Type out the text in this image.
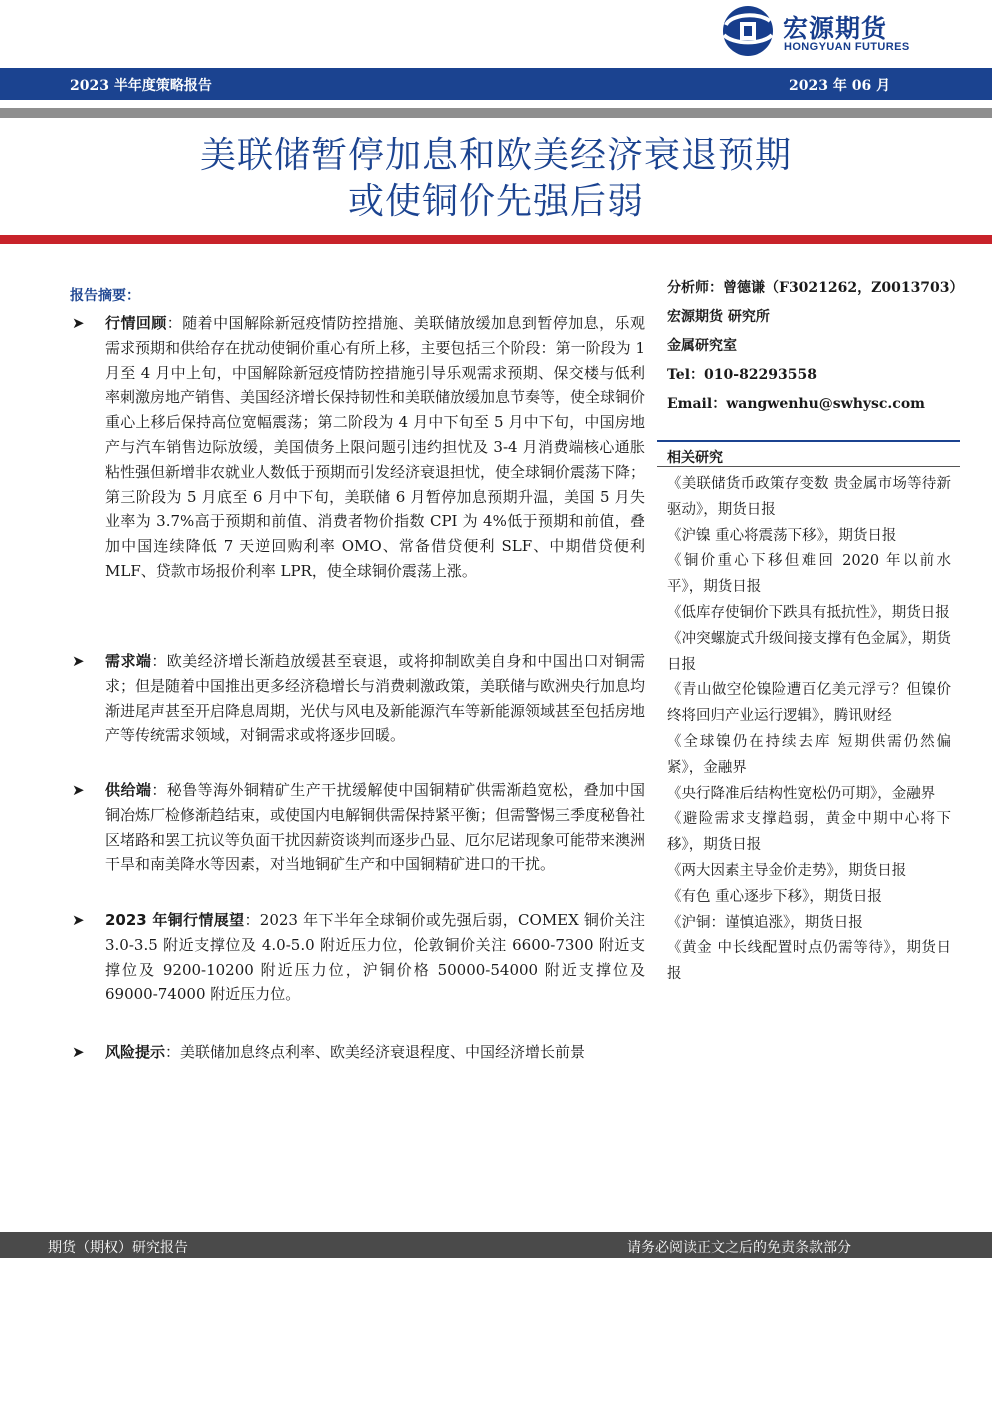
宏源期货
HONGYUAN FUTURES
2023 半年度策略报告	2023 年 06 月
美联储暂停加息和欧美经济衰退预期
或使铜价先强后弱
报告摘要：
➤ 行情回顾：随着中国解除新冠疫情防控措施、美联储放缓加息到暂停加息，乐观需求预期和供给存在扰动使铜价重心有所上移，主要包括三个阶段：第一阶段为 1 月至 4 月中上旬，中国解除新冠疫情防控措施引导乐观需求预期、保交楼与低利率刺激房地产销售、美国经济增长保持韧性和美联储放缓加息节奏等，使全球铜价重心上移后保持高位宽幅震荡；第二阶段为 4 月中下旬至 5 月中下旬，中国房地产与汽车销售边际放缓，美国债务上限问题引违约担忧及 3-4 月消费端核心通胀粘性强但新增非农就业人数低于预期而引发经济衰退担忧，使全球铜价震荡下降；第三阶段为 5 月底至 6 月中下旬，美联储 6 月暂停加息预期升温，美国 5 月失业率为 3.7%高于预期和前值、消费者物价指数 CPI 为 4%低于预期和前值，叠加中国连续降低 7 天逆回购利率 OMO、常备借贷便利 SLF、中期借贷便利 MLF、贷款市场报价利率 LPR，使全球铜价震荡上涨。
➤ 需求端：欧美经济增长渐趋放缓甚至衰退，或将抑制欧美自身和中国出口对铜需求；但是随着中国推出更多经济稳增长与消费刺激政策，美联储与欧洲央行加息均渐进尾声甚至开启降息周期，光伏与风电及新能源汽车等新能源领域甚至包括房地产等传统需求领域，对铜需求或将逐步回暖。
➤ 供给端：秘鲁等海外铜精矿生产干扰缓解使中国铜精矿供需渐趋宽松，叠加中国铜冶炼厂检修渐趋结束，或使国内电解铜供需保持紧平衡；但需警惕三季度秘鲁社区堵路和罢工抗议等负面干扰因薪资谈判而逐步凸显、厄尔尼诺现象可能带来澳洲干旱和南美降水等因素，对当地铜矿生产和中国铜精矿进口的干扰。
➤ 2023 年铜行情展望：2023 年下半年全球铜价或先强后弱，COMEX 铜价关注 3.0-3.5 附近支撑位及 4.0-5.0 附近压力位，伦敦铜价关注 6600-7300 附近支撑位及 9200-10200 附近压力位，沪铜价格 50000-54000 附近支撑位及 69000-74000 附近压力位。
➤ 风险提示：美联储加息终点利率、欧美经济衰退程度、中国经济增长前景
分析师：曾德谦（F3021262，Z0013703）
宏源期货 研究所
金属研究室
Tel：010-82293558
Email：wangwenhu@swhysc.com
相关研究
《美联储货币政策存变数 贵金属市场等待新驱动》，期货日报
《沪镍 重心将震荡下移》，期货日报
《铜价重心下移但难回 2020 年以前水平》，期货日报
《低库存使铜价下跌具有抵抗性》，期货日报
《冲突螺旋式升级间接支撑有色金属》，期货日报
《青山做空伦镍险遭百亿美元浮亏？但镍价终将回归产业运行逻辑》，腾讯财经
《全球镍仍在持续去库 短期供需仍然偏紧》，金融界
《央行降准后结构性宽松仍可期》，金融界
《避险需求支撑趋弱，黄金中期中心将下移》，期货日报
《两大因素主导金价走势》，期货日报
《有色 重心逐步下移》，期货日报
《沪铜：谨慎追涨》，期货日报
《黄金 中长线配置时点仍需等待》，期货日报
期货（期权）研究报告	请务必阅读正文之后的免责条款部分
